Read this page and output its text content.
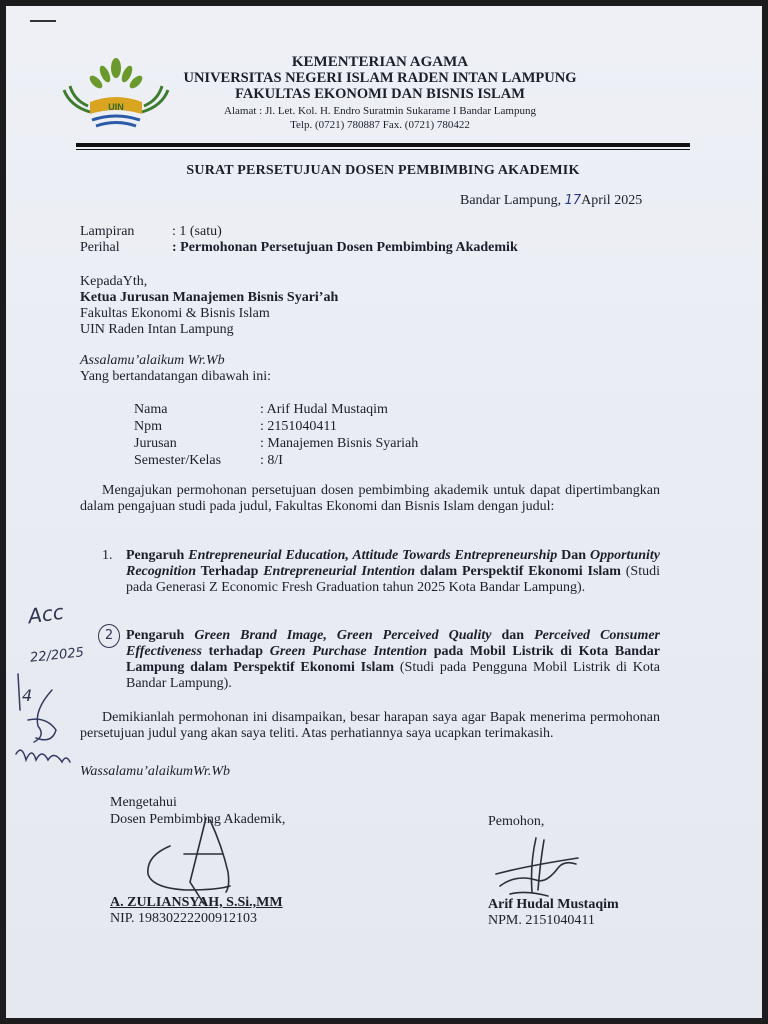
UIN
KEMENTERIAN AGAMA
UNIVERSITAS NEGERI ISLAM RADEN INTAN LAMPUNG
FAKULTAS EKONOMI DAN BISNIS ISLAM
Alamat : Jl. Let. Kol. H. Endro Suratmin Sukarame I Bandar Lampung
Telp. (0721) 780887 Fax. (0721) 780422
SURAT PERSETUJUAN DOSEN PEMBIMBING AKADEMIK
Bandar Lampung, 17April 2025
Lampiran	: 1 (satu)
Perihal	: Permohonan Persetujuan Dosen Pembimbing Akademik
KepadaYth,
Ketua Jurusan Manajemen Bisnis Syari’ah
Fakultas Ekonomi & Bisnis Islam
UIN Raden Intan Lampung
Assalamu’alaikum Wr.Wb
Yang bertandatangan dibawah ini:
Nama	: Arif Hudal Mustaqim
Npm	: 2151040411
Jurusan	: Manajemen Bisnis Syariah
Semester/Kelas	: 8/I
Mengajukan permohonan persetujuan dosen pembimbing akademik untuk dapat dipertimbangkan dalam pengajuan studi pada judul, Fakultas Ekonomi dan Bisnis Islam dengan judul:
1. Pengaruh Entrepreneurial Education, Attitude Towards Entrepreneurship Dan Opportunity Recognition Terhadap Entrepreneurial Intention dalam Perspektif Ekonomi Islam (Studi pada Generasi Z Economic Fresh Graduation tahun 2025 Kota Bandar Lampung).
Pengaruh Green Brand Image, Green Perceived Quality dan Perceived Consumer Effectiveness terhadap Green Purchase Intention pada Mobil Listrik di Kota Bandar Lampung dalam Perspektif Ekonomi Islam (Studi pada Pengguna Mobil Listrik di Kota Bandar Lampung).
Demikianlah permohonan ini disampaikan, besar harapan saya agar Bapak menerima permohonan persetujuan judul yang akan saya teliti. Atas perhatiannya saya ucapkan terimakasih.
Wassalamu’alaikumWr.Wb
Mengetahui
Dosen Pembimbing Akademik,
A. ZULIANSYAH, S.Si.,MM
NIP. 19830222200912103
Pemohon,
Arif Hudal Mustaqim
NPM. 2151040411
Acc
22/2025
4
2
